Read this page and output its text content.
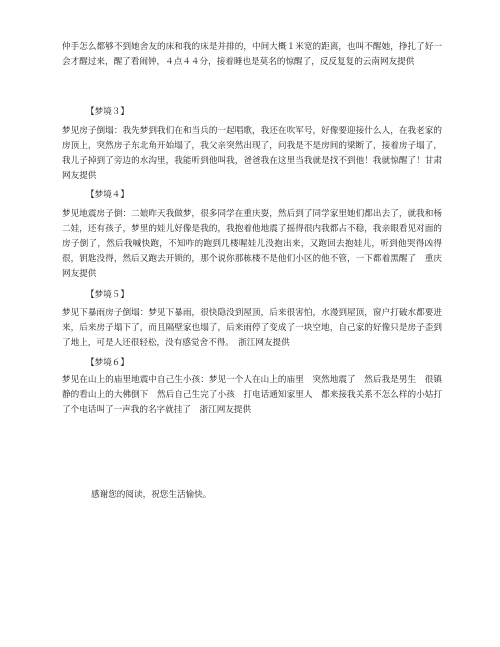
仲手怎么都够不到她舍友的床和我的床是并排的，中间大概１米宽的距离，也叫不醒她，挣扎了好一会才醒过来，醒了看闹钟，４点４４分，接着睡也是莫名的惊醒了，反反复复的云南网友提供

【梦境３】

梦见房子倒塌：我先梦到我们在和当兵的一起唱歌，我还在吹军号，好像要迎接什么人，在我老家的房顶上，突然房子东北角开始塌了，我父亲突然出现了，问我是不是房间的梁断了，接着房子塌了，我儿子掉到了旁边的水沟里，我能听到他叫我，爸爸我在这里当我就是找不到他！我就惊醒了！甘肃网友提供

【梦境４】

梦见地震房子倒：二娘昨天我做梦，很多同学在重庆耍，然后到了同学家里她们都出去了，就我和杨二娃，还有孩子，梦里的娃儿好像是我的，我抱着他地震了摇得很内我都占不稳，我亲眼看见对面的房子倒了，然后我喊快跑，不知咋的跑到几楼喔娃儿没抱出来，又跑回去抱娃儿，听到他哭得凶得很，钥匙没得，然后又跑去开锁的，那个说你那栋楼不是他们小区的他不管，一下都着黑醒了　重庆网友提供

【梦境５】

梦见下暴雨房子倒塌：梦见下暴雨，很快隐没到屋顶，后来很害怕，水漫到屋顶，窗户打破水都要进来，后来房子塌下了，而且隔壁家也塌了，后来雨停了变成了一块空地，自己家的好像只是房子歪到了地上，可是人还很轻松，没有感觉舍不得。　浙江网友提供

【梦境６】

梦见在山上的庙里地震中自己生小孩：梦见一个人在山上的庙里　突然地震了　然后我是男生　很镇静的看山上的大佛倒下　然后自己生完了小孩　打电话通知家里人　都来接我关系不怎么样的小姑打了个电话叫了一声我的名字就挂了　浙江网友提供

感谢您的阅读，祝您生活愉快。
